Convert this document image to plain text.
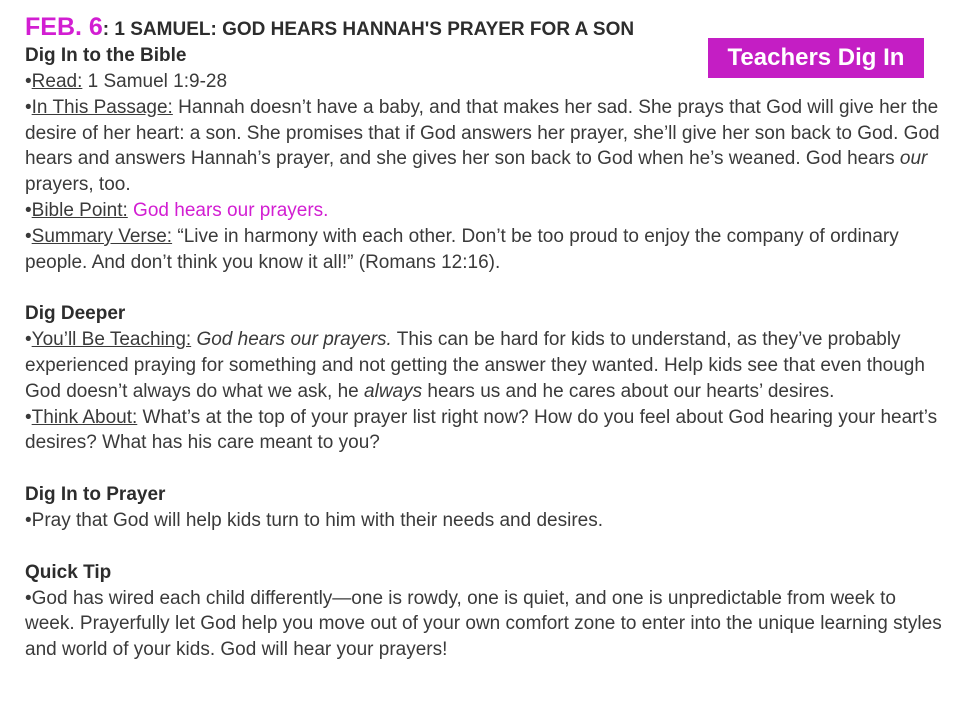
Teachers Dig In
FEB. 6: 1 SAMUEL: GOD HEARS HANNAH'S PRAYER FOR A SON
Dig In to the Bible

•Read: 1 Samuel 1:9-28

•In This Passage: Hannah doesn’t have a baby, and that makes her sad. She prays that God will give her the desire of her heart: a son. She promises that if God answers her prayer, she’ll give her son back to God. God hears and answers Hannah’s prayer, and she gives her son back to God when he’s weaned. God hears our prayers, too.

•Bible Point: God hears our prayers.

•Summary Verse: “Live in harmony with each other. Don’t be too proud to enjoy the company of ordinary people. And don’t think you know it all!” (Romans 12:16).

Dig Deeper

•You’ll Be Teaching: God hears our prayers. This can be hard for kids to understand, as they’ve probably experienced praying for something and not getting the answer they wanted. Help kids see that even though God doesn’t always do what we ask, he always hears us and he cares about our hearts’ desires.

•Think About: What’s at the top of your prayer list right now? How do you feel about God hearing your heart’s desires? What has his care meant to you?

Dig In to Prayer

•Pray that God will help kids turn to him with their needs and desires.

Quick Tip

•God has wired each child differently—one is rowdy, one is quiet, and one is unpredictable from week to week. Prayerfully let God help you move out of your own comfort zone to enter into the unique learning styles and world of your kids. God will hear your prayers!
